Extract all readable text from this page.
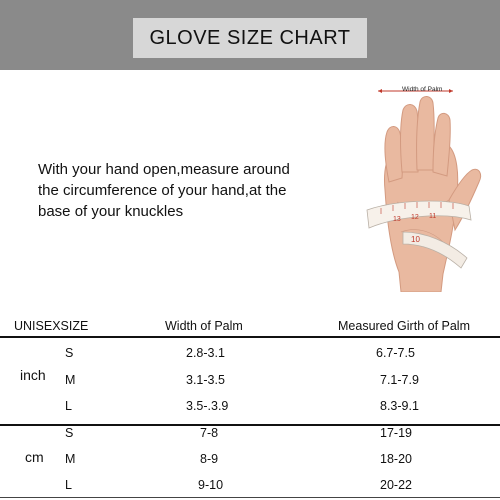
GLOVE SIZE CHART
With your hand open,measure around
the circumference of your hand,at the
base of your knuckles	13 12 11
10
Width of Palm
UNISEXSIZE	Width of Palm	Measured Girth of Palm
inch
S	2.8-3.1	6.7-7.5
M	3.1-3.5	7.1-7.9
L	3.5-.3.9	8.3-9.1
cm
S	7-8	17-19
M	8-9	18-20
L	9-10	20-22
